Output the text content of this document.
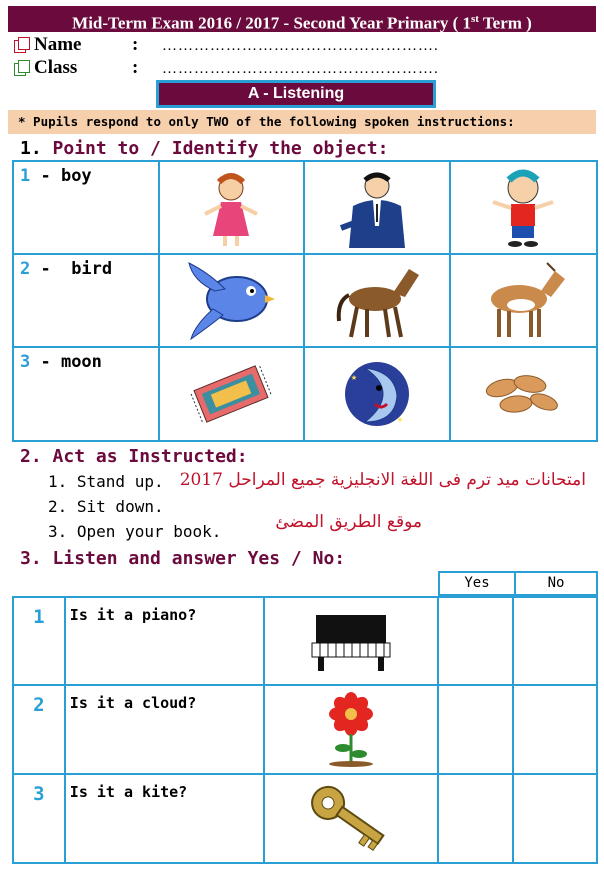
Mid-Term Exam 2016 / 2017 - Second Year Primary ( 1st Term )
Name	: …………………………………………….
Class	: …………………………………………….
A - Listening
* Pupils respond to only TWO of the following spoken instructions:
1. Point to / Identify the object:
1 - boy

2 -  bird

3 - moon		★
★

2. Act as Instructed:
1. Stand up.
2. Sit down.
3. Open your book.
امتحانات ميد ترم فى اللغة الانجليزية جميع المراحل 2017
موقع الطريق المضئ
3. Listen and answer Yes / No:
Yes	No
1	Is it a piano?	

2	Is it a cloud?	

3	Is it a kite?	
